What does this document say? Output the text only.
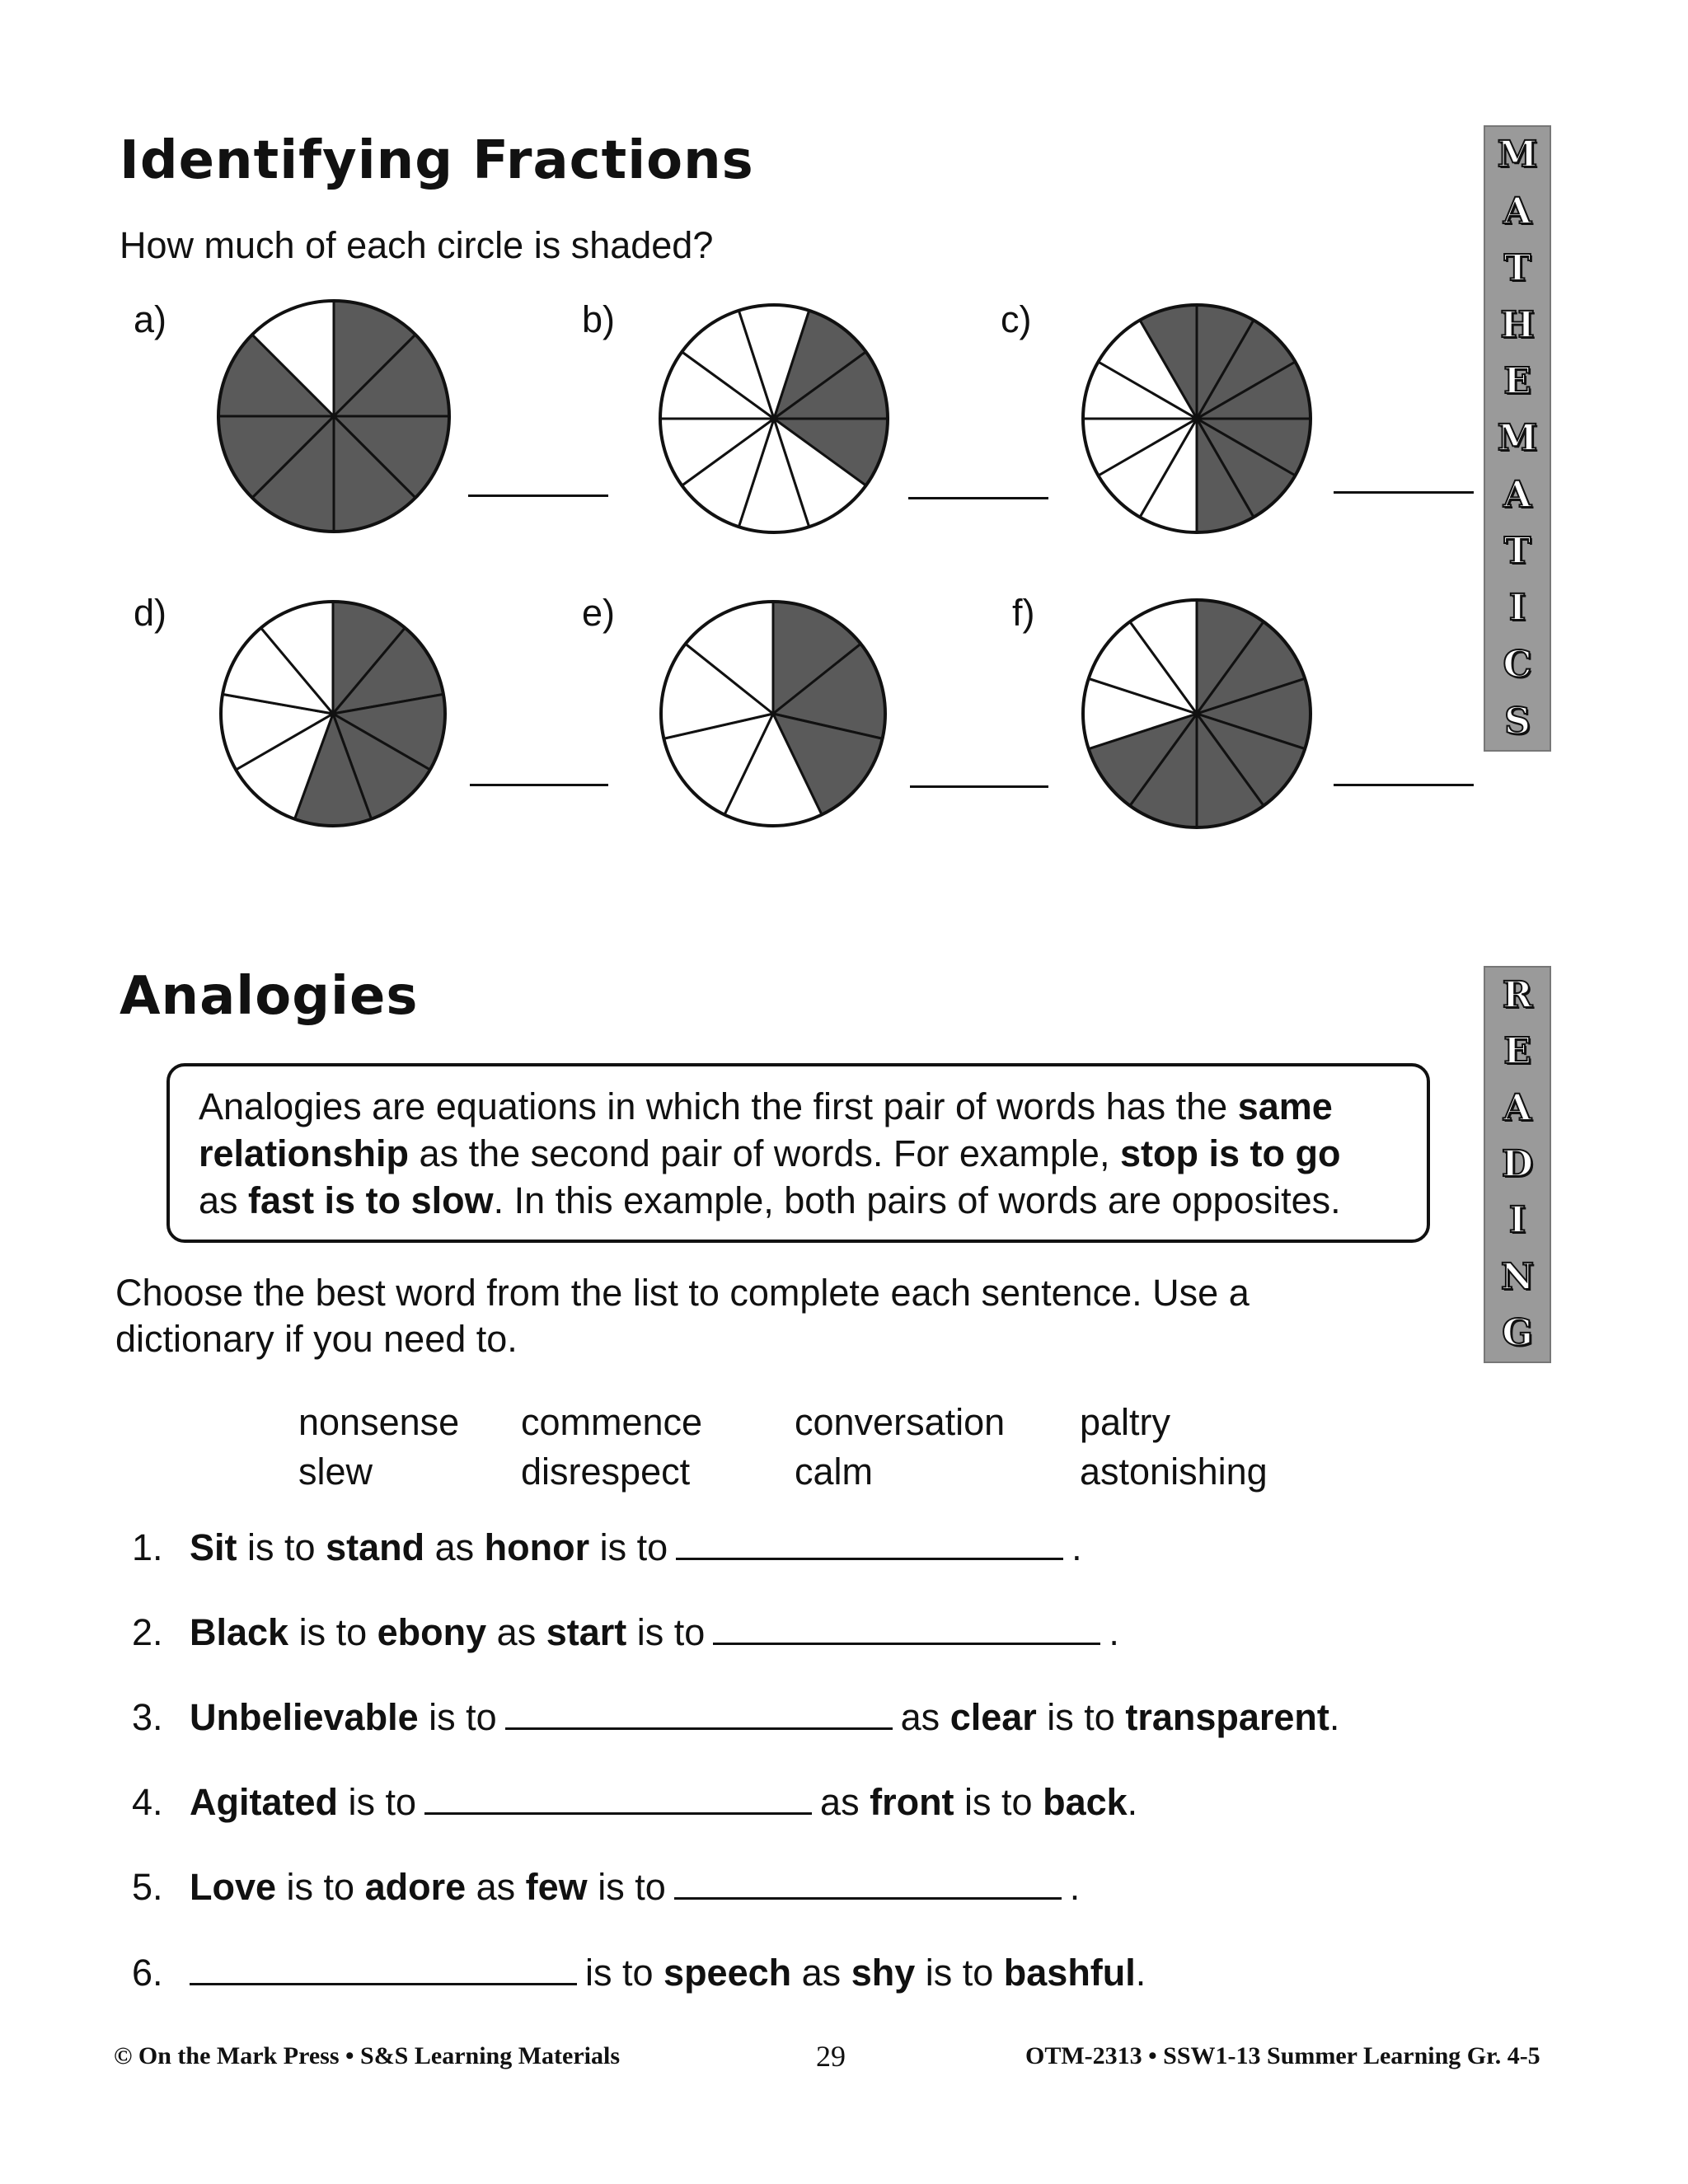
Identifying Fractions
How much of each circle is shaded?
M
A
T
H
E
M
A
T
I
C
S
a)	b)	c)
d)	e)	f)
Analogies	R
E
A
D
I
N
G
Analogies are equations in which the first pair of words has the same
relationship as the second pair of words. For example, stop is to go
as fast is to slow. In this example, both pairs of words are opposites.
Choose the best word from the list to complete each sentence. Use a
dictionary if you need to.
nonsense commence conversation paltry
slew	disrespect	calm	astonishing
1. Sit is to stand as honor is to	.
2. Black is to ebony as start is to	.
3. Unbelievable is to	as clear is to transparent .
4. Agitated is to	as front is to back .
5. Love is to adore as few is to	.
6.	is to speech as shy is to bashful .
© On the Mark Press • S&S Learning Materials	29	OTM-2313 • SSW1-13 Summer Learning Gr. 4-5
